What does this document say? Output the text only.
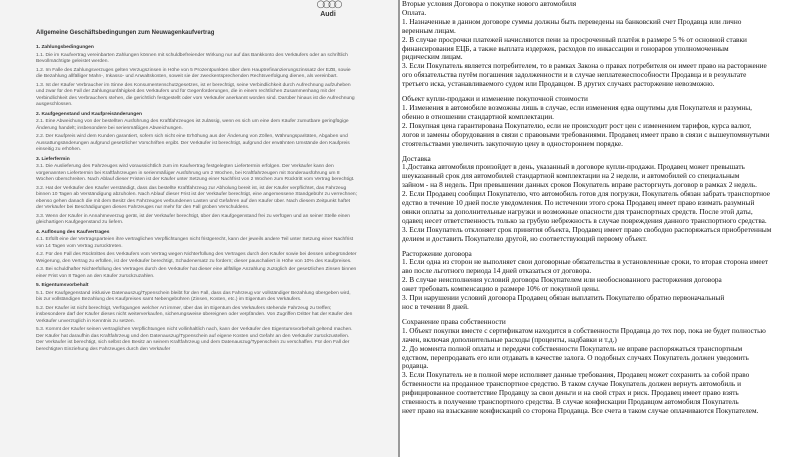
○○○○
Audi
Allgemeine Geschäftsbedingungen zum Neuwagenkaufvertrag
1. Zahlungsbedingungen

1.1. Die im Kaufvertrag vereinbarten Zahlungen können mit schuldbefreiender Wirkung nur auf das Bankkonto des Verkäufers oder an schriftlich Bevollmächtigte geleistet werden.

1.2. Im Falle des Zahlungsverzuges gelten Verzugszinsen in Höhe von 5 Prozentpunkten über dem Hauptrefinanzierungszinssatz der EZB, sowie die Bezahlung allfälliger Mahn-, Inkasso- und Anwaltskosten, soweit sie der zweckentsprechenden Rechtsverfolgung dienen, als vereinbart.

1.3. Ist der Käufer Verbraucher im Sinne des Konsumentenschutzgesetzes, ist er berechtigt, seine Verbindlichkeit durch Aufrechnung aufzuheben und zwar für den Fall der Zahlungsunfähigkeit des Verkäufers und für Gegenforderungen, die in einem rechtlichen Zusammenhang mit der Verbindlichkeit des Verbrauchers stehen, die gerichtlich festgestellt oder vom Verkäufer anerkannt worden sind. Darüber hinaus ist die Aufrechnung ausgeschlossen.

2. Kaufgegenstand und Kaufpreisänderungen

2.1. Eine Abweichung von der bestellten Ausführung des Kraftfahrzeuges ist zulässig, wenn es sich um eine dem Käufer zumutbare geringfügige Änderung handelt; insbesondere bei serienmäßigen Abweichungen.

2.2. Der Kaufpreis wird dem Kunden garantiert, sofern sich nicht eine Erhöhung aus der Änderung von Zöllen, Währungsparitäten, Abgaben und Aussattungsänderungen aufgrund gesetzlicher Vorschriften ergibt. Der Verkäufer ist berechtigt, aufgrund der erwähnten Umstände den Kaufpreis einseitig zu erhöhen.

3. Lieferfermin

3.1. Die Auslieferung des Fahrzeuges wird voraussichtlich zum im Kaufvertrag festgelegten Liefertermin erfolgen. Der Verkäufer kann den vorgenannten Liefertermin bei Kraftfahrzeugen in serienmäßiger Ausführung um 2 Wochen, bei Kraftfahrzeugen mit Sonderausführung um 8 Wochen überschreiten. Nach Ablauf dieser Fristen ist der Käufer unter Setzung einer Nachfrist von 2 Wochen zum Rücktritt vom Vertrag berechtigt.

3.2. Hat der Verkäufer den Käufer verständigt, dass das bestellte Kraftfahrzeug zur Abholung bereit ist, ist der Käufer verpflichtet, das Fahrzeug binnen 10 Tagen ab Verständigung abzuholen. Nach Ablauf dieser Frist ist der Verkäufer berechtigt, eine angemessene Standgebühr zu verrechnen; ebenso gehen danach die mit dem Besitz des Fahrzeuges verbundenen Lasten und Gefahren auf den Käufer über. Nach diesem Zeitpunkt haftet der Verkäufer bei Beschädigungen dieses Fahrzeuges nur mehr für den Fall groben Verschuldens.

3.3. Wenn der Käufer in Annahmeverzug gerät, ist der Verkäufer berechtigt, über den Kaufgegenstand frei zu verfügen und an seiner Stelle einen gleichartigen Kaufgegenstand zu liefern.

4. Auflösung des Kaufvertrages

4.1. Erfüllt eine der Vertragsparteien ihre vertraglichen Verpflichtungen nicht fristgerecht, kann der jeweils andere Teil unter Setzung einer Nachfrist von 14 Tagen vom Vertrag zurücktreten.

4.2. Für den Fall des Rücktrittes des Verkäufers vom Vertrag wegen Nichterfüllung des Vertrages durch den Käufer sowie bei dessen unbegründeter Weigerung, den Vertrag zu erfüllen, ist der Verkäufer berechtigt, Schadenersatz zu fordern; dieser pauschaliert in Höhe von 10% des Kaufpreises.

4.3. Bei schuldhafter Nichterfüllung des Vertrages durch den Verkäufer hat dieser eine allfällige Anzahlung zuzüglich der gesetzlichen Zinsen binnen einer Frist von 8 Tagen an den Käufer zurückzuzahlen.

5. Eigentumsvorbehalt

5.1. Der Kaufgegenstand inklusive Datenauszug/Typenschein bleibt für den Fall, dass das Fahrzeug vor vollständiger Bezahlung übergeben wird, bis zur vollständigen Bezahlung des Kaufpreises samt Nebengebühren (Zinsen, Kosten, etc.) im Eigentum des Verkäufers.

5.2. Der Käufer ist nicht berechtigt, Verfügungen welcher Art immer, über das im Eigentum des Verkäufers stehende Fahrzeug zu treffen; insbesondere darf der Käufer dieses nicht weiterverkaufen, sicherungsweise übereignen oder verpfänden. Von Zugriffen Dritter hat der Käufer den Verkäufer unverzüglich in Kenntnis zu setzen.

5.3. Kommt der Käufer seinen vertraglichen Verpflichtungen nicht vollinhaltlich nach, kann der Verkäufer den Eigentumsvorbehalt geltend machen. Der Käufer hat daraufhin das Kraftfahrzeug und den Datenauszug/Typenschein auf eigene Kosten und Gefahr an den Verkäufer zurückzustellen. Der Verkäufer ist berechtigt, sich selbst den Besitz an seinem Kraftfahrzeug und dem Datenauszug/Typenschein zu verschaffen. Für den Fall der berechtigten Einziehung des Fahrzeuges durch den Verkäufer

Вторые условия Договора о покупке нового автомобиля

Оплата.

1. Назначенные в данном договоре суммы должны быть переведены на банковский счет Продавца или лично

веренным лицам.

2. В случае просрочки платежей начисляются пени за просроченный платёж в размере 5 % от основной ставки

финансирования ЕЦБ, а также выплата издержек, расходов по инкассации и гонораров уполномоченным

ридическим лицам.

3. Если Покупатель является потребителем, то в рамках Закона о правах потребителя он имеет право на расторжение

ого обязательства путём погашения задолженности и в случае неплатежеспособности Продавца и в результате

третьего иска, устанавливаемого судом или Продавцом. В других случаях расторжение невозможно.

Объект купли-продажи и изменение покупочной стоимости

1. Изменения в автомобиле возможны лишь в случае, если изменения едва ощутимы для Покупателя и разумны,

обенно в отношении стандартной комплектации.

2. Покупная цена гарантирована Покупателю, если не происходит рост цен с изменением тарифов, курса валют,

логов и замены оборудования в связи с правовыми требованиями. Продавец имеет право в связи с вышеупомянутыми

стоятельствами увеличить закупочную цену в одностороннем порядке.

Доставка

1.Доставка автомобиля произойдет в день, указанный в договоре купли-продажи. Продавец может превышать

шеуказанный срок для автомобилей стандартной комплектации на 2 недели, и автомобилей со специальным

зайном - на 8 недель. При превышении данных сроков Покупатель вправе расторгнуть договор в рамках 2 недель.

2. Если Продавец сообщил Покупателю, что автомобиль готов для погрузки, Покупатель обязан забрать транспортное

едство в течение 10 дней после уведомления. По истечении этого срока Продавец имеет право взимать разумный

оянки оплаты за дополнительные нагрузки и возможные опасности для транспортных средств. После этой даты,

одавец несет ответственность только за грубую небрежность в случае повреждения данного транспортного средства.

3. Если Покупатель отклоняет срок принятия объекта, Продавец имеет право свободно распоряжаться приобретенным

делием и доставить Покупателю другой, но соответствующий первому объект.

Расторжение договора

1. Если одна из сторон не выполняет свои договорные обязательства в установленные сроки, то вторая сторона имеет

аво после льготного периода 14 дней отказаться от договора.

2. В случае неисполнения условий договора Покупателем или необоснованного расторжения договора

ожет требовать компенсацию в размере 10% от покупной цены.

3. При нарушении условий договора Продавец обязан выплатить Покупателю обратно первоначальный

нос в течении 8 дней.

Сохранение права собственности

1. Объект покупки вместе с сертификатом находится в собственности Продавца до тех пор, пока не будет полностью

лачен, включая дополнительные расходы (проценты, надбавки и т.д.)

2. До момента полной оплаты и передачи собственности Покупатель не вправе распоряжаться транспортным

едством, перепродавать его или отдавать в качестве залога. О подобных случаях Покупатель должен уведомить

родавца.

3. Если Покупатель не в полной мере исполняет данные требования, Продавец может сохранить за собой право

бственности на проданное транспортное средство. В таком случае Покупатель должен вернуть автомобиль и

рифицированное соответствие Продавцу за свои деньги и на свой страх и риск. Продавец имеет право взять

ственность в получение транспортного средства. В случае конфискации Продавцом автомобиля Покупатель

неет право на взыскание конфискаций со сторона Продавца. Все счета в таком случае оплачиваются Покупателем.
